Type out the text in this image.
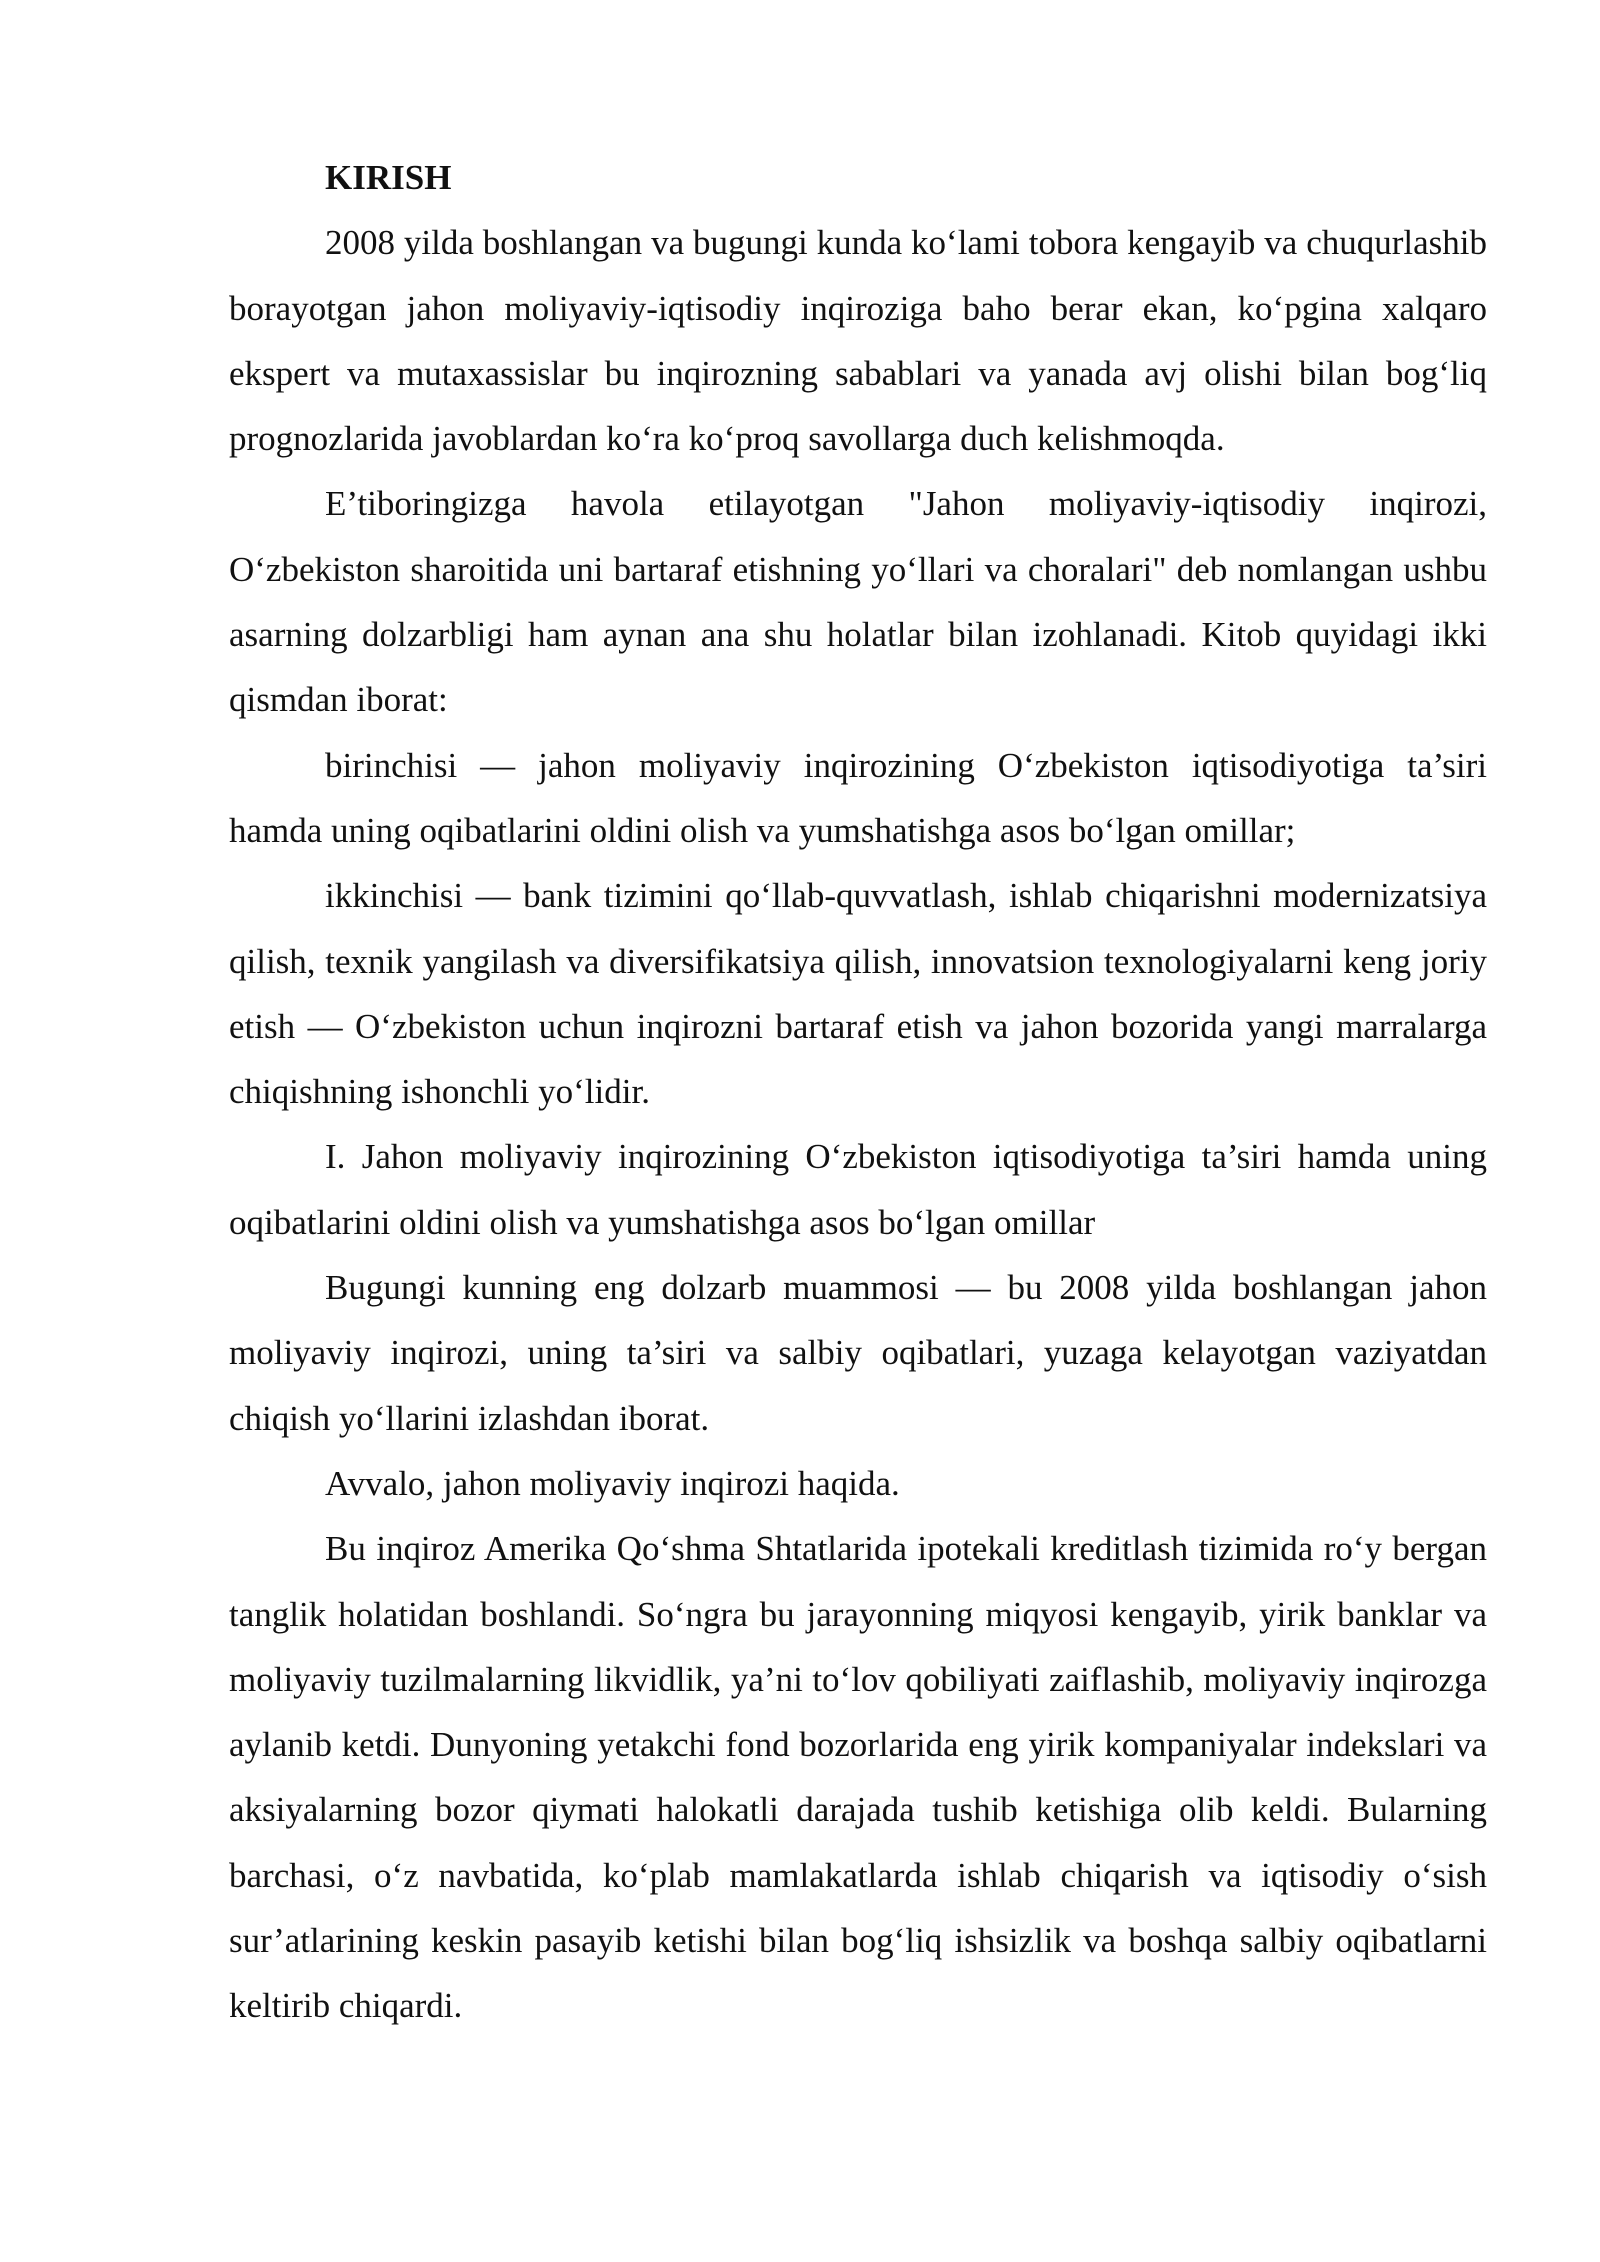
KIRISH

2008 yilda boshlangan va bugungi kunda koʻlami tobora kengayib va chuqurlashib borayotgan jahon moliyaviy-iqtisodiy inqiroziga baho berar ekan, koʻpgina xalqaro ekspert va mutaxassislar bu inqirozning sabablari va yanada avj olishi bilan bogʻliq prognozlarida javoblardan koʻra koʻproq savollarga duch kelishmoqda.

E’tiboringizga havola etilayotgan "Jahon moliyaviy-iqtisodiy inqirozi, Oʻzbekiston sharoitida uni bartaraf etishning yoʻllari va choralari" deb nomlangan ushbu asarning dolzarbligi ham aynan ana shu holatlar bilan izohlanadi. Kitob quyidagi ikki qismdan iborat:

birinchisi — jahon moliyaviy inqirozining Oʻzbekiston iqtisodiyotiga ta’siri hamda uning oqibatlarini oldini olish va yumshatishga asos boʻlgan omillar;

ikkinchisi — bank tizimini qoʻllab-quvvatlash, ishlab chiqarishni modernizatsiya qilish, texnik yangilash va diversifikatsiya qilish, innovatsion texnologiyalarni keng joriy etish — Oʻzbekiston uchun inqirozni bartaraf etish va jahon bozorida yangi marralarga chiqishning ishonchli yoʻlidir.

I. Jahon moliyaviy inqirozining Oʻzbekiston iqtisodiyotiga ta’siri hamda uning oqibatlarini oldini olish va yumshatishga asos boʻlgan omillar

Bugungi kunning eng dolzarb muammosi — bu 2008 yilda boshlangan jahon moliyaviy inqirozi, uning ta’siri va salbiy oqibatlari, yuzaga kelayotgan vaziyatdan chiqish yoʻllarini izlashdan iborat.

Avvalo, jahon moliyaviy inqirozi haqida.

Bu inqiroz Amerika Qoʻshma Shtatlarida ipotekali kreditlash tizimida roʻy bergan tanglik holatidan boshlandi. Soʻngra bu jarayonning miqyosi kengayib, yirik banklar va moliyaviy tuzilmalarning likvidlik, ya’ni toʻlov qobiliyati zaiflashib, moliyaviy inqirozga aylanib ketdi. Dunyoning yetakchi fond bozorlarida eng yirik kompaniyalar indekslari va aksiyalarning bozor qiymati halokatli darajada tushib ketishiga olib keldi. Bularning barchasi, oʻz navbatida, koʻplab mamlakatlarda ishlab chiqarish va iqtisodiy oʻsish sur’atlarining keskin pasayib ketishi bilan bogʻliq ishsizlik va boshqa salbiy oqibatlarni keltirib chiqardi.
